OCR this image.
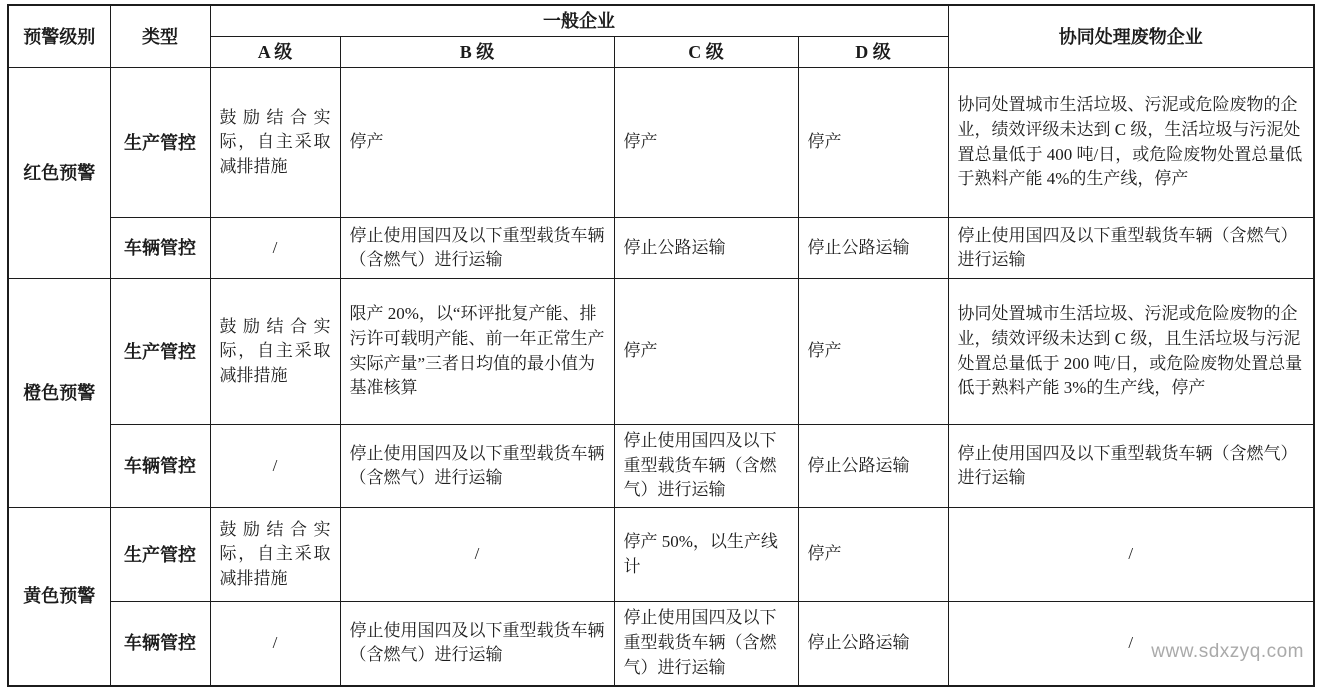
预警级别	类型	一般企业				协同处理废物企业
		A 级	B 级	C 级	D 级	
红色预警	生产管控	鼓励结合实际，自主采取减排措施	停产	停产	停产	协同处置城市生活垃圾、污泥或危险废物的企业，绩效评级未达到 C 级，生活垃圾与污泥处置总量低于 400 吨/日，或危险废物处置总量低于熟料产能 4%的生产线，停产
	车辆管控	/	停止使用国四及以下重型载货车辆（含燃气）进行运输	停止公路运输	停止公路运输	停止使用国四及以下重型载货车辆（含燃气）进行运输
橙色预警	生产管控	鼓励结合实际，自主采取减排措施	限产 20%，以“环评批复产能、排污许可载明产能、前一年正常生产实际产量”三者日均值的最小值为基准核算	停产	停产	协同处置城市生活垃圾、污泥或危险废物的企业，绩效评级未达到 C 级，且生活垃圾与污泥处置总量低于 200 吨/日，或危险废物处置总量低于熟料产能 3%的生产线，停产
	车辆管控	/	停止使用国四及以下重型载货车辆（含燃气）进行运输	停止使用国四及以下重型载货车辆（含燃气）进行运输	停止公路运输	停止使用国四及以下重型载货车辆（含燃气）进行运输
黄色预警	生产管控	鼓励结合实际，自主采取减排措施	/	停产 50%，以生产线计	停产	/
	车辆管控	/	停止使用国四及以下重型载货车辆（含燃气）进行运输	停止使用国四及以下重型载货车辆（含燃气）进行运输	停止公路运输	/ www.sdxzyq.com
